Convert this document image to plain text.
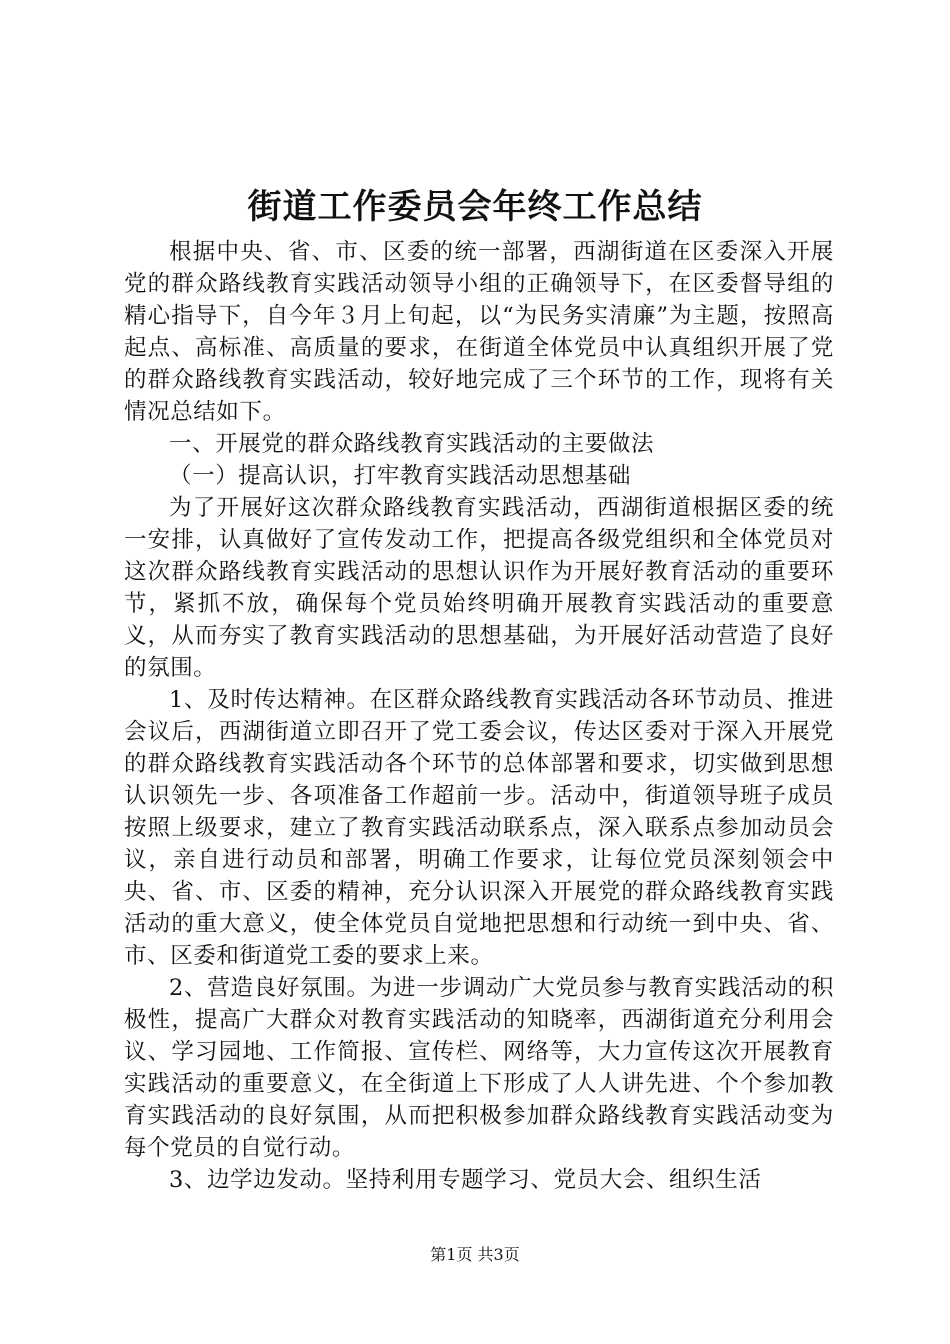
街道工作委员会年终工作总结

根据中央、省、市、区委的统一部署，西湖街道在区委深入开展党的群众路线教育实践活动领导小组的正确领导下，在区委督导组的精心指导下，自今年３月上旬起，以“为民务实清廉”为主题，按照高起点、高标准、高质量的要求，在街道全体党员中认真组织开展了党的群众路线教育实践活动，较好地完成了三个环节的工作，现将有关情况总结如下。

一、开展党的群众路线教育实践活动的主要做法

（一）提高认识，打牢教育实践活动思想基础

为了开展好这次群众路线教育实践活动，西湖街道根据区委的统一安排，认真做好了宣传发动工作，把提高各级党组织和全体党员对这次群众路线教育实践活动的思想认识作为开展好教育活动的重要环节，紧抓不放，确保每个党员始终明确开展教育实践活动的重要意义，从而夯实了教育实践活动的思想基础，为开展好活动营造了良好的氛围。

1、及时传达精神。在区群众路线教育实践活动各环节动员、推进会议后，西湖街道立即召开了党工委会议，传达区委对于深入开展党的群众路线教育实践活动各个环节的总体部署和要求，切实做到思想认识领先一步、各项准备工作超前一步。活动中，街道领导班子成员按照上级要求，建立了教育实践活动联系点，深入联系点参加动员会议，亲自进行动员和部署，明确工作要求，让每位党员深刻领会中央、省、市、区委的精神，充分认识深入开展党的群众路线教育实践活动的重大意义，使全体党员自觉地把思想和行动统一到中央、省、市、区委和街道党工委的要求上来。

2、营造良好氛围。为进一步调动广大党员参与教育实践活动的积极性，提高广大群众对教育实践活动的知晓率，西湖街道充分利用会议、学习园地、工作简报、宣传栏、网络等，大力宣传这次开展教育实践活动的重要意义，在全街道上下形成了人人讲先进、个个参加教育实践活动的良好氛围，从而把积极参加群众路线教育实践活动变为每个党员的自觉行动。

3、边学边发动。坚持利用专题学习、党员大会、组织生活

第1页 共3页
